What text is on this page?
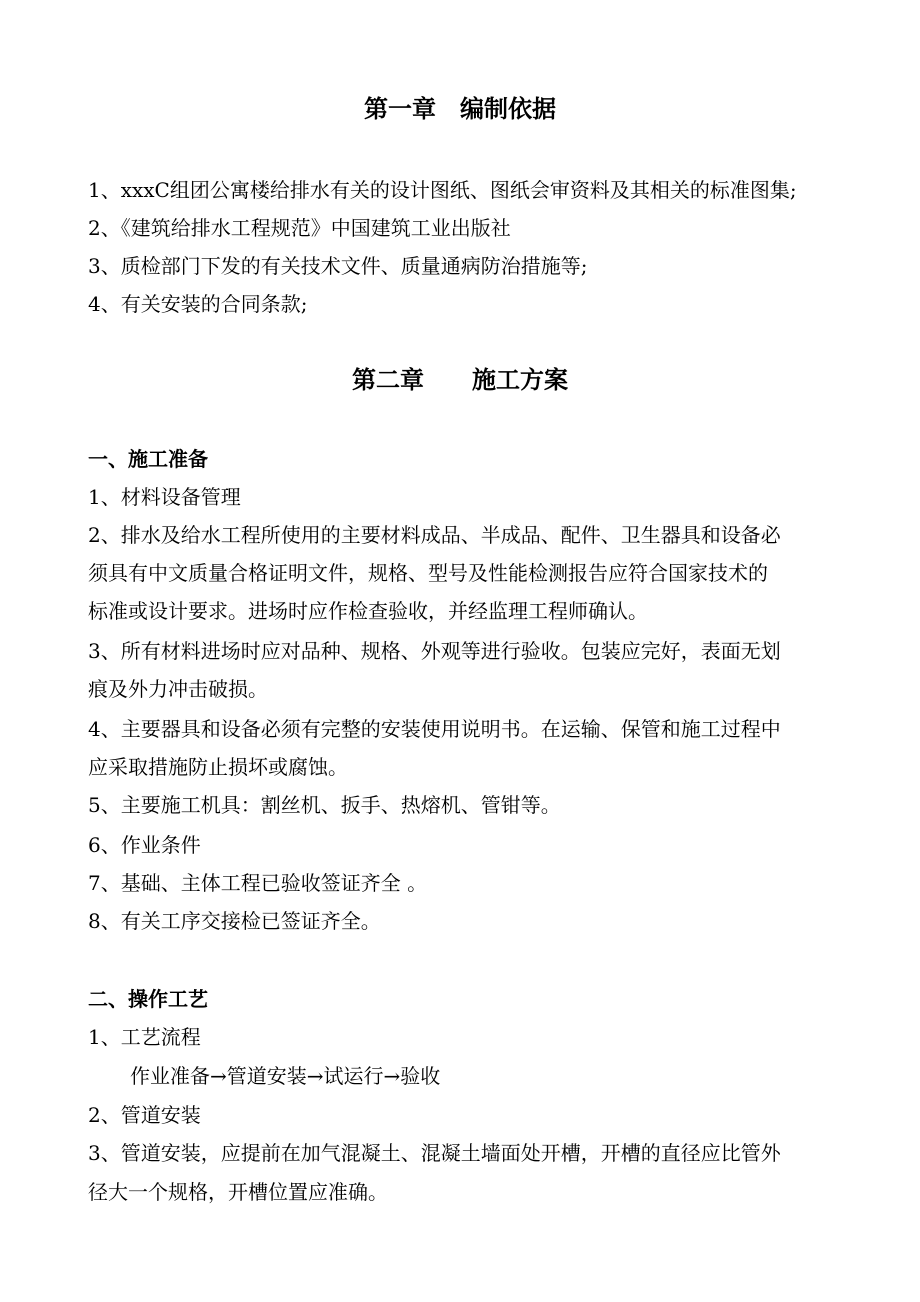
第一章　编制依据
1、xxxC组团公寓楼给排水有关的设计图纸、图纸会审资料及其相关的标准图集;
2、《建筑给排水工程规范》中国建筑工业出版社
3、质检部门下发的有关技术文件、质量通病防治措施等;
4、有关安装的合同条款;
第二章　　施工方案
一、施工准备
1、材料设备管理
2、排水及给水工程所使用的主要材料成品、半成品、配件、卫生器具和设备必
须具有中文质量合格证明文件，规格、型号及性能检测报告应符合国家技术的
标准或设计要求。进场时应作检查验收，并经监理工程师确认。
3、所有材料进场时应对品种、规格、外观等进行验收。包装应完好，表面无划
痕及外力冲击破损。
4、主要器具和设备必须有完整的安装使用说明书。在运输、保管和施工过程中
应采取措施防止损坏或腐蚀。
5、主要施工机具：割丝机、扳手、热熔机、管钳等。
6、作业条件
7、基础、主体工程已验收签证齐全 。
8、有关工序交接检已签证齐全。
二、操作工艺
1、工艺流程
作业准备→管道安装→试运行→验收
2、管道安装
3、管道安装，应提前在加气混凝土、混凝土墙面处开槽，开槽的直径应比管外
径大一个规格，开槽位置应准确。
